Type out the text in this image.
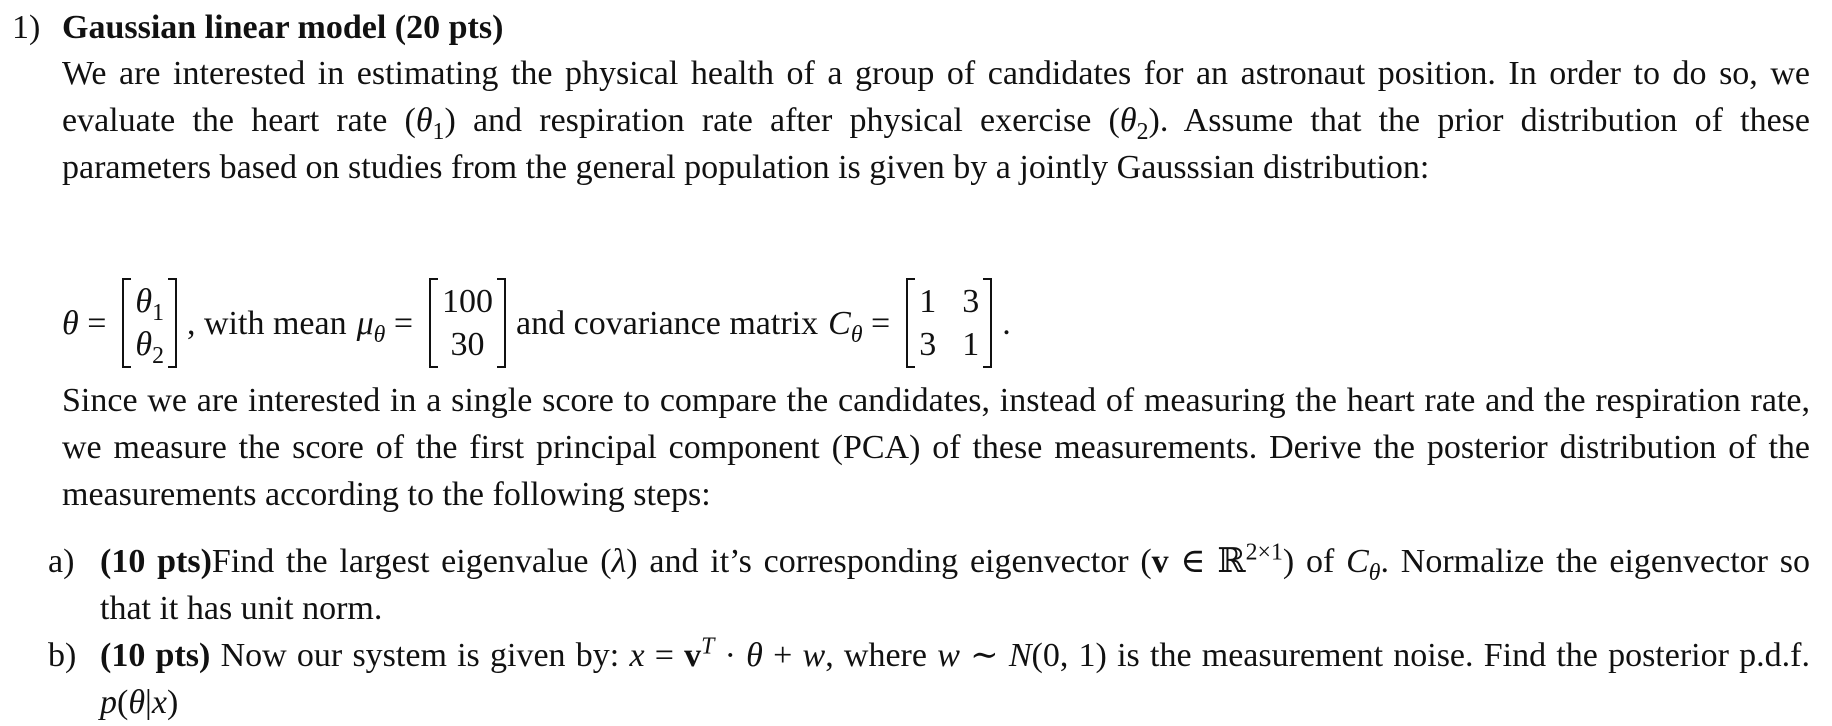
1) Gaussian linear model (20 pts)

We are interested in estimating the physical health of a group of candidates for an astronaut position. In order to do so, we evaluate the heart rate $(\theta_1)$ and respiration rate after physical exercise $(\theta_2)$. Assume that the prior distribution of these parameters based on studies from the general population is given by a jointly Gausssian distribution:

θ =
$\theta_1$
$\theta_2$
, with mean $\mu_\theta$ =
100
30
and covariance matrix $C_\theta$ =
1 3
3 1
.

Since we are interested in a single score to compare the candidates, instead of measuring the heart rate and the respiration rate, we measure the score of the first principal component (PCA) of these measurements. Derive the posterior distribution of the measurements according to the following steps:

a) (10 pts)Find the largest eigenvalue (λ) and it’s corresponding eigenvector (v ∈ ℝ$^{2\times 1}$) of $C_\theta$. Normalize the eigenvector so that it has unit norm.
b) (10 pts) Now our system is given by: $x = v^T \cdot \theta + w$, where w ∼ N(0, 1) is the measurement noise. Find the posterior p.d.f. p(θ|x)
